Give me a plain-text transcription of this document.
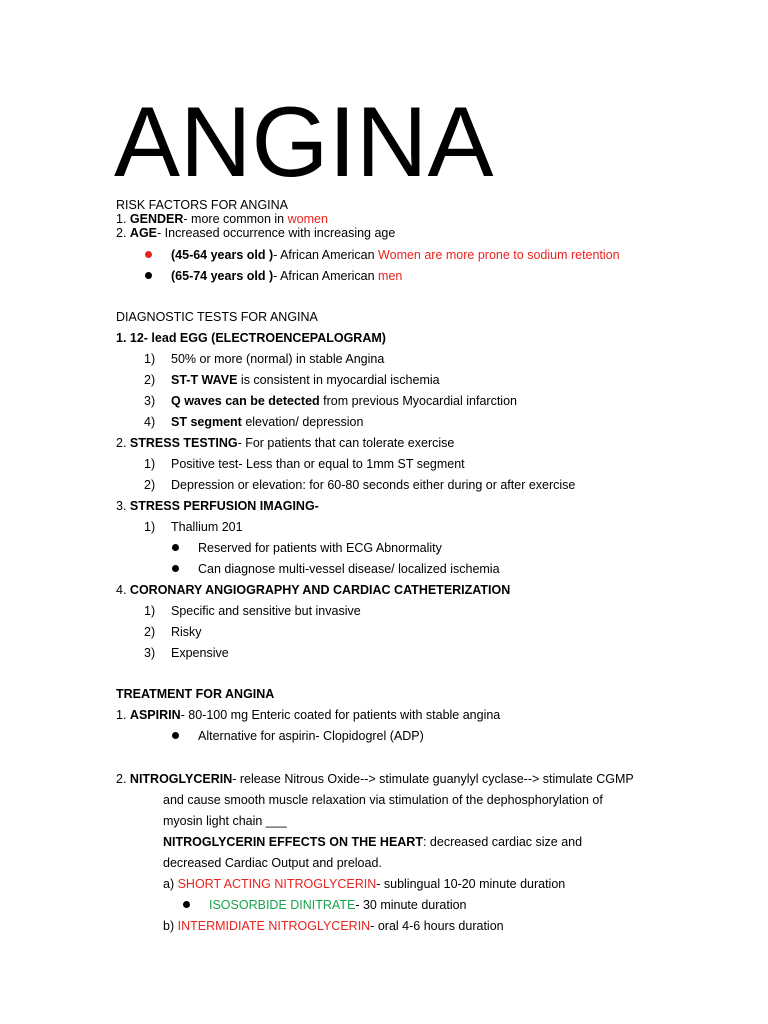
ANGINA
RISK FACTORS FOR ANGINA
1. GENDER- more common in women
2. AGE- Increased occurrence with increasing age
(45-64 years old )- African American Women are more prone to sodium retention
(65-74 years old )- African American men
DIAGNOSTIC TESTS FOR ANGINA
1. 12- lead EGG (ELECTROENCEPALOGRAM)
1) 50% or more (normal) in stable Angina
2) ST-T WAVE is consistent in myocardial ischemia
3) Q waves can be detected from previous Myocardial infarction
4) ST segment elevation/ depression
2. STRESS TESTING- For patients that can tolerate exercise
1) Positive test- Less than or equal to 1mm ST segment
2) Depression or elevation: for 60-80 seconds either during or after exercise
3. STRESS PERFUSION IMAGING-
1) Thallium 201
Reserved for patients with ECG Abnormality
Can diagnose multi-vessel disease/ localized ischemia
4. CORONARY ANGIOGRAPHY AND CARDIAC CATHETERIZATION
1) Specific and sensitive but invasive
2) Risky
3) Expensive
TREATMENT FOR ANGINA
1. ASPIRIN- 80-100 mg Enteric coated for patients with stable angina
Alternative for aspirin- Clopidogrel (ADP)
2. NITROGLYCERIN- release Nitrous Oxide--> stimulate guanylyl cyclase--> stimulate CGMP
and cause smooth muscle relaxation via stimulation of the dephosphorylation of
myosin light chain ___
NITROGLYCERIN EFFECTS ON THE HEART: decreased cardiac size and
decreased Cardiac Output and preload.
a) SHORT ACTING NITROGLYCERIN- sublingual 10-20 minute duration
ISOSORBIDE DINITRATE- 30 minute duration
b) INTERMIDIATE NITROGLYCERIN- oral 4-6 hours duration
